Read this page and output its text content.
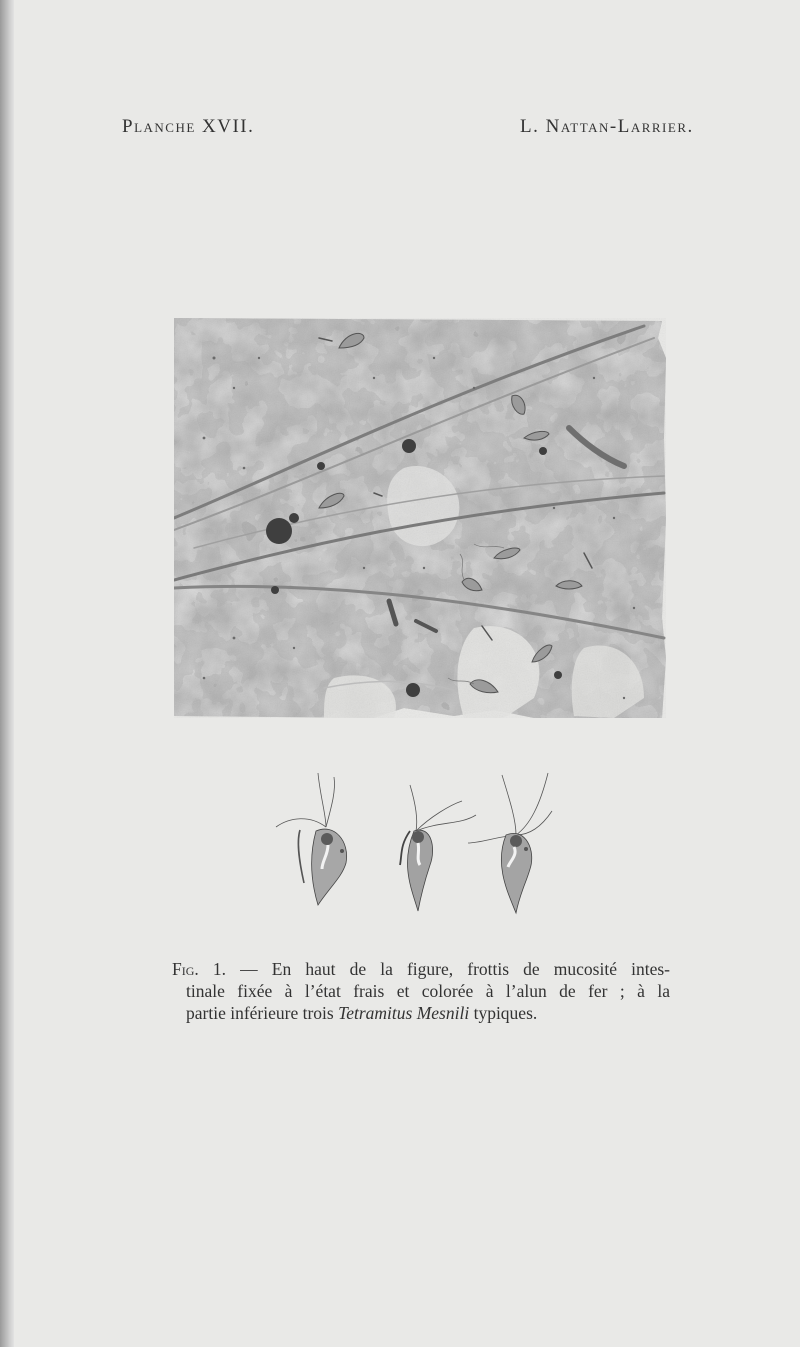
Planche XVII.	L. Nattan-Larrier.
Fig. 1. — En haut de la figure, frottis de mucosité intes-
tinale fixée à l’état frais et colorée à l’alun de fer ; à la
partie inférieure trois Tetramitus Mesnili typiques.
